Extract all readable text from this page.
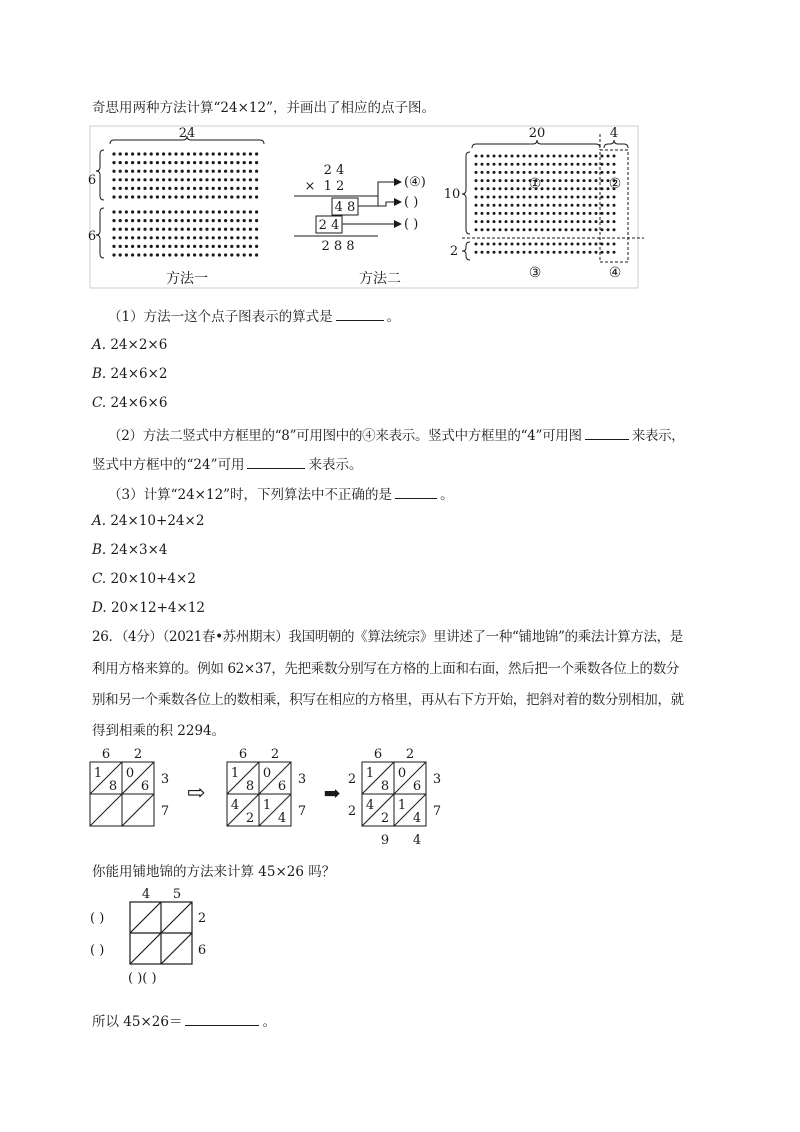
奇思用两种方法计算“24×12”，并画出了相应的点子图。
24
6
6
方法一
2 4
× 1 2
4 8
2 4
2 8 8
(④)
( )
( )
方法二
20	4
10
2
①	②
③	④
（1）方法一这个点子图表示的算式是	。
A. 24×2×6
B. 24×6×2
C. 24×6×6
（2）方法二竖式中方框里的“8”可用图中的④来表示。竖式中方框里的“4”可用图	来表示，
竖式中方框中的“24”可用	来表示。
（3）计算“24×12”时，下列算法中不正确的是	。
A. 24×10+24×2
B. 24×3×4
C. 20×10+4×2
D. 20×12+4×12
26．（4分）（2021春•苏州期末）我国明朝的《算法统宗》里讲述了一种“铺地锦”的乘法计算方法，是
利用方格来算的。例如 62×37，先把乘数分别写在方格的上面和右面，然后把一个乘数各位上的数分
别和另一个乘数各位上的数相乘，积写在相应的方格里，再从右下方开始，把斜对着的数分别相加，就
得到相乘的积 2294。
6 2
1
8
0
6 3
7
⇨
6 2
1
8
0
6
4
2
1
4
3
7
➡
6 2
1
8
0
6
4
2
1
4
3
7
2
2
9 4
你能用铺地锦的方法来计算 45×26 吗？
4 5
2
6
( )
( )
( )( )
所以 45×26＝	。
